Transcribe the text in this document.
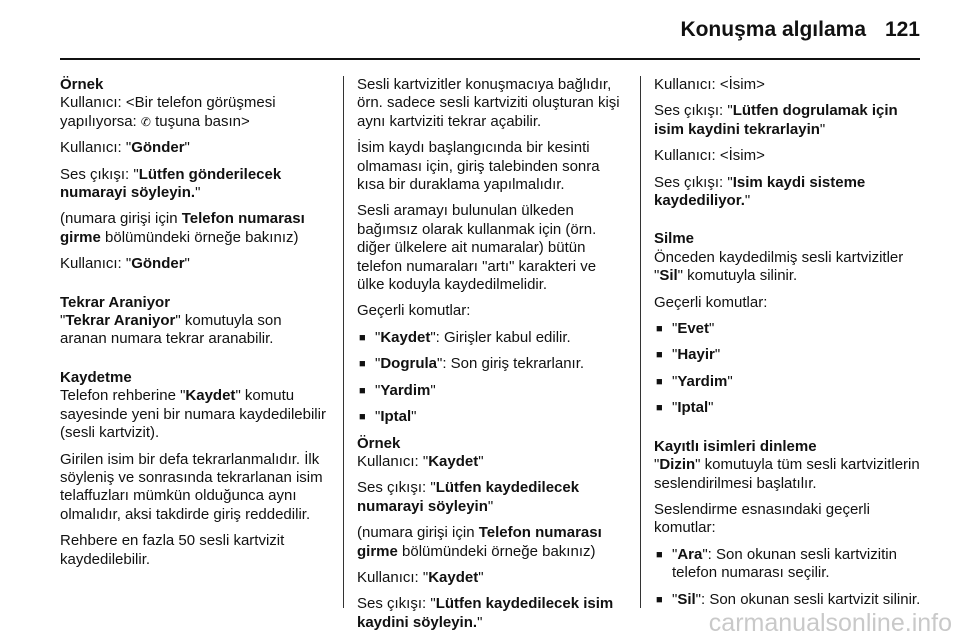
Konuşma algılama 121

Örnek

Kullanıcı: <Bir telefon görüşmesi yapılıyorsa: ✆ tuşuna basın>

Kullanıcı: "Gönder"

Ses çıkışı: "Lütfen gönderilecek numarayi söyleyin."

(numara girişi için Telefon numarası girme bölümündeki örneğe bakınız)

Kullanıcı: "Gönder"

Tekrar Araniyor

"Tekrar Araniyor" komutuyla son aranan numara tekrar aranabilir.

Kaydetme

Telefon rehberine "Kaydet" komutu sayesinde yeni bir numara kaydedilebilir (sesli kartvizit).

Girilen isim bir defa tekrarlanmalıdır. İlk söyleniş ve sonrasında tekrarlanan isim telaffuzları mümkün olduğunca aynı olmalıdır, aksi takdirde giriş reddedilir.

Rehbere en fazla 50 sesli kartvizit kaydedilebilir.

Sesli kartvizitler konuşmacıya bağlıdır, örn. sadece sesli kartviziti oluşturan kişi aynı kartviziti tekrar açabilir.

İsim kaydı başlangıcında bir kesinti olmaması için, giriş talebinden sonra kısa bir duraklama yapılmalıdır.

Sesli aramayı bulunulan ülkeden bağımsız olarak kullanmak için (örn. diğer ülkelere ait numaralar) bütün telefon numaraları "artı" karakteri ve ülke koduyla kaydedilmelidir.

Geçerli komutlar:

■ "Kaydet": Girişler kabul edilir.
■ "Dogrula": Son giriş tekrarlanır.
■ "Yardim"
■ "Iptal"

Örnek

Kullanıcı: "Kaydet"

Ses çıkışı: "Lütfen kaydedilecek numarayi söyleyin"

(numara girişi için Telefon numarası girme bölümündeki örneğe bakınız)

Kullanıcı: "Kaydet"

Ses çıkışı: "Lütfen kaydedilecek isim kaydini söyleyin."

Kullanıcı: <İsim>

Ses çıkışı: "Lütfen dogrulamak için isim kaydini tekrarlayin"

Kullanıcı: <İsim>

Ses çıkışı: "Isim kaydi sisteme kaydediliyor."

Silme

Önceden kaydedilmiş sesli kartvizitler "Sil" komutuyla silinir.

Geçerli komutlar:

■ "Evet"
■ "Hayir"
■ "Yardim"
■ "Iptal"

Kayıtlı isimleri dinleme

"Dizin" komutuyla tüm sesli kartvizitlerin seslendirilmesi başlatılır.

Seslendirme esnasındaki geçerli komutlar:

■ "Ara": Son okunan sesli kartvizitin telefon numarası seçilir.
■ "Sil": Son okunan sesli kartvizit silinir.
carmanualsonline.info
